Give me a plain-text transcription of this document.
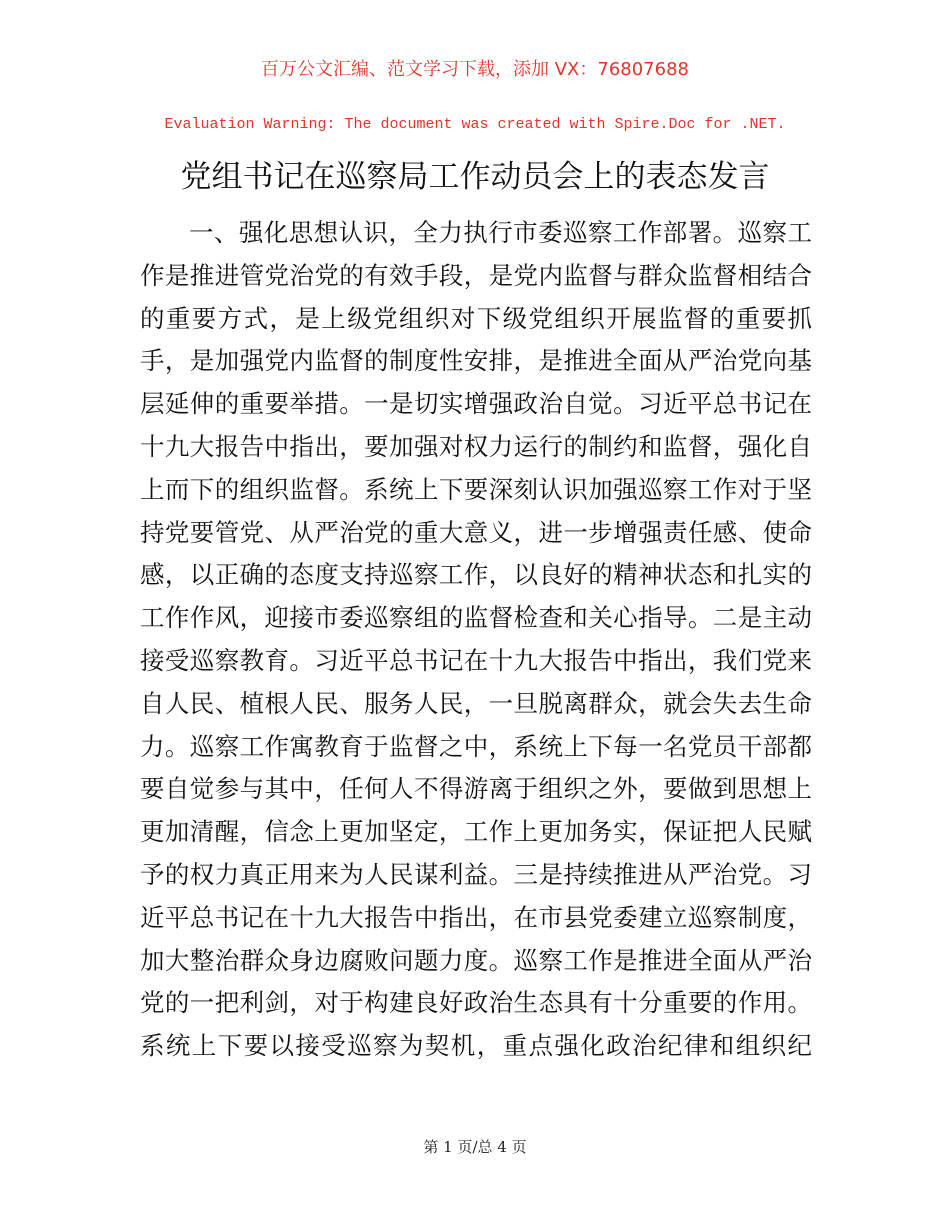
百万公文汇编、范文学习下载，添加 VX：76807688
Evaluation Warning: The document was created with Spire.Doc for .NET.
党组书记在巡察局工作动员会上的表态发言
一、强化思想认识，全力执行市委巡察工作部署。巡察工
作是推进管党治党的有效手段，是党内监督与群众监督相结合
的重要方式，是上级党组织对下级党组织开展监督的重要抓
手，是加强党内监督的制度性安排，是推进全面从严治党向基
层延伸的重要举措。一是切实增强政治自觉。习近平总书记在
十九大报告中指出，要加强对权力运行的制约和监督，强化自
上而下的组织监督。系统上下要深刻认识加强巡察工作对于坚
持党要管党、从严治党的重大意义，进一步增强责任感、使命
感，以正确的态度支持巡察工作，以良好的精神状态和扎实的
工作作风，迎接市委巡察组的监督检查和关心指导。二是主动
接受巡察教育。习近平总书记在十九大报告中指出，我们党来
自人民、植根人民、服务人民，一旦脱离群众，就会失去生命
力。巡察工作寓教育于监督之中，系统上下每一名党员干部都
要自觉参与其中，任何人不得游离于组织之外，要做到思想上
更加清醒，信念上更加坚定，工作上更加务实，保证把人民赋
予的权力真正用来为人民谋利益。三是持续推进从严治党。习
近平总书记在十九大报告中指出，在市县党委建立巡察制度，
加大整治群众身边腐败问题力度。巡察工作是推进全面从严治
党的一把利剑，对于构建良好政治生态具有十分重要的作用。
系统上下要以接受巡察为契机，重点强化政治纪律和组织纪
第 1 页/总 4 页
